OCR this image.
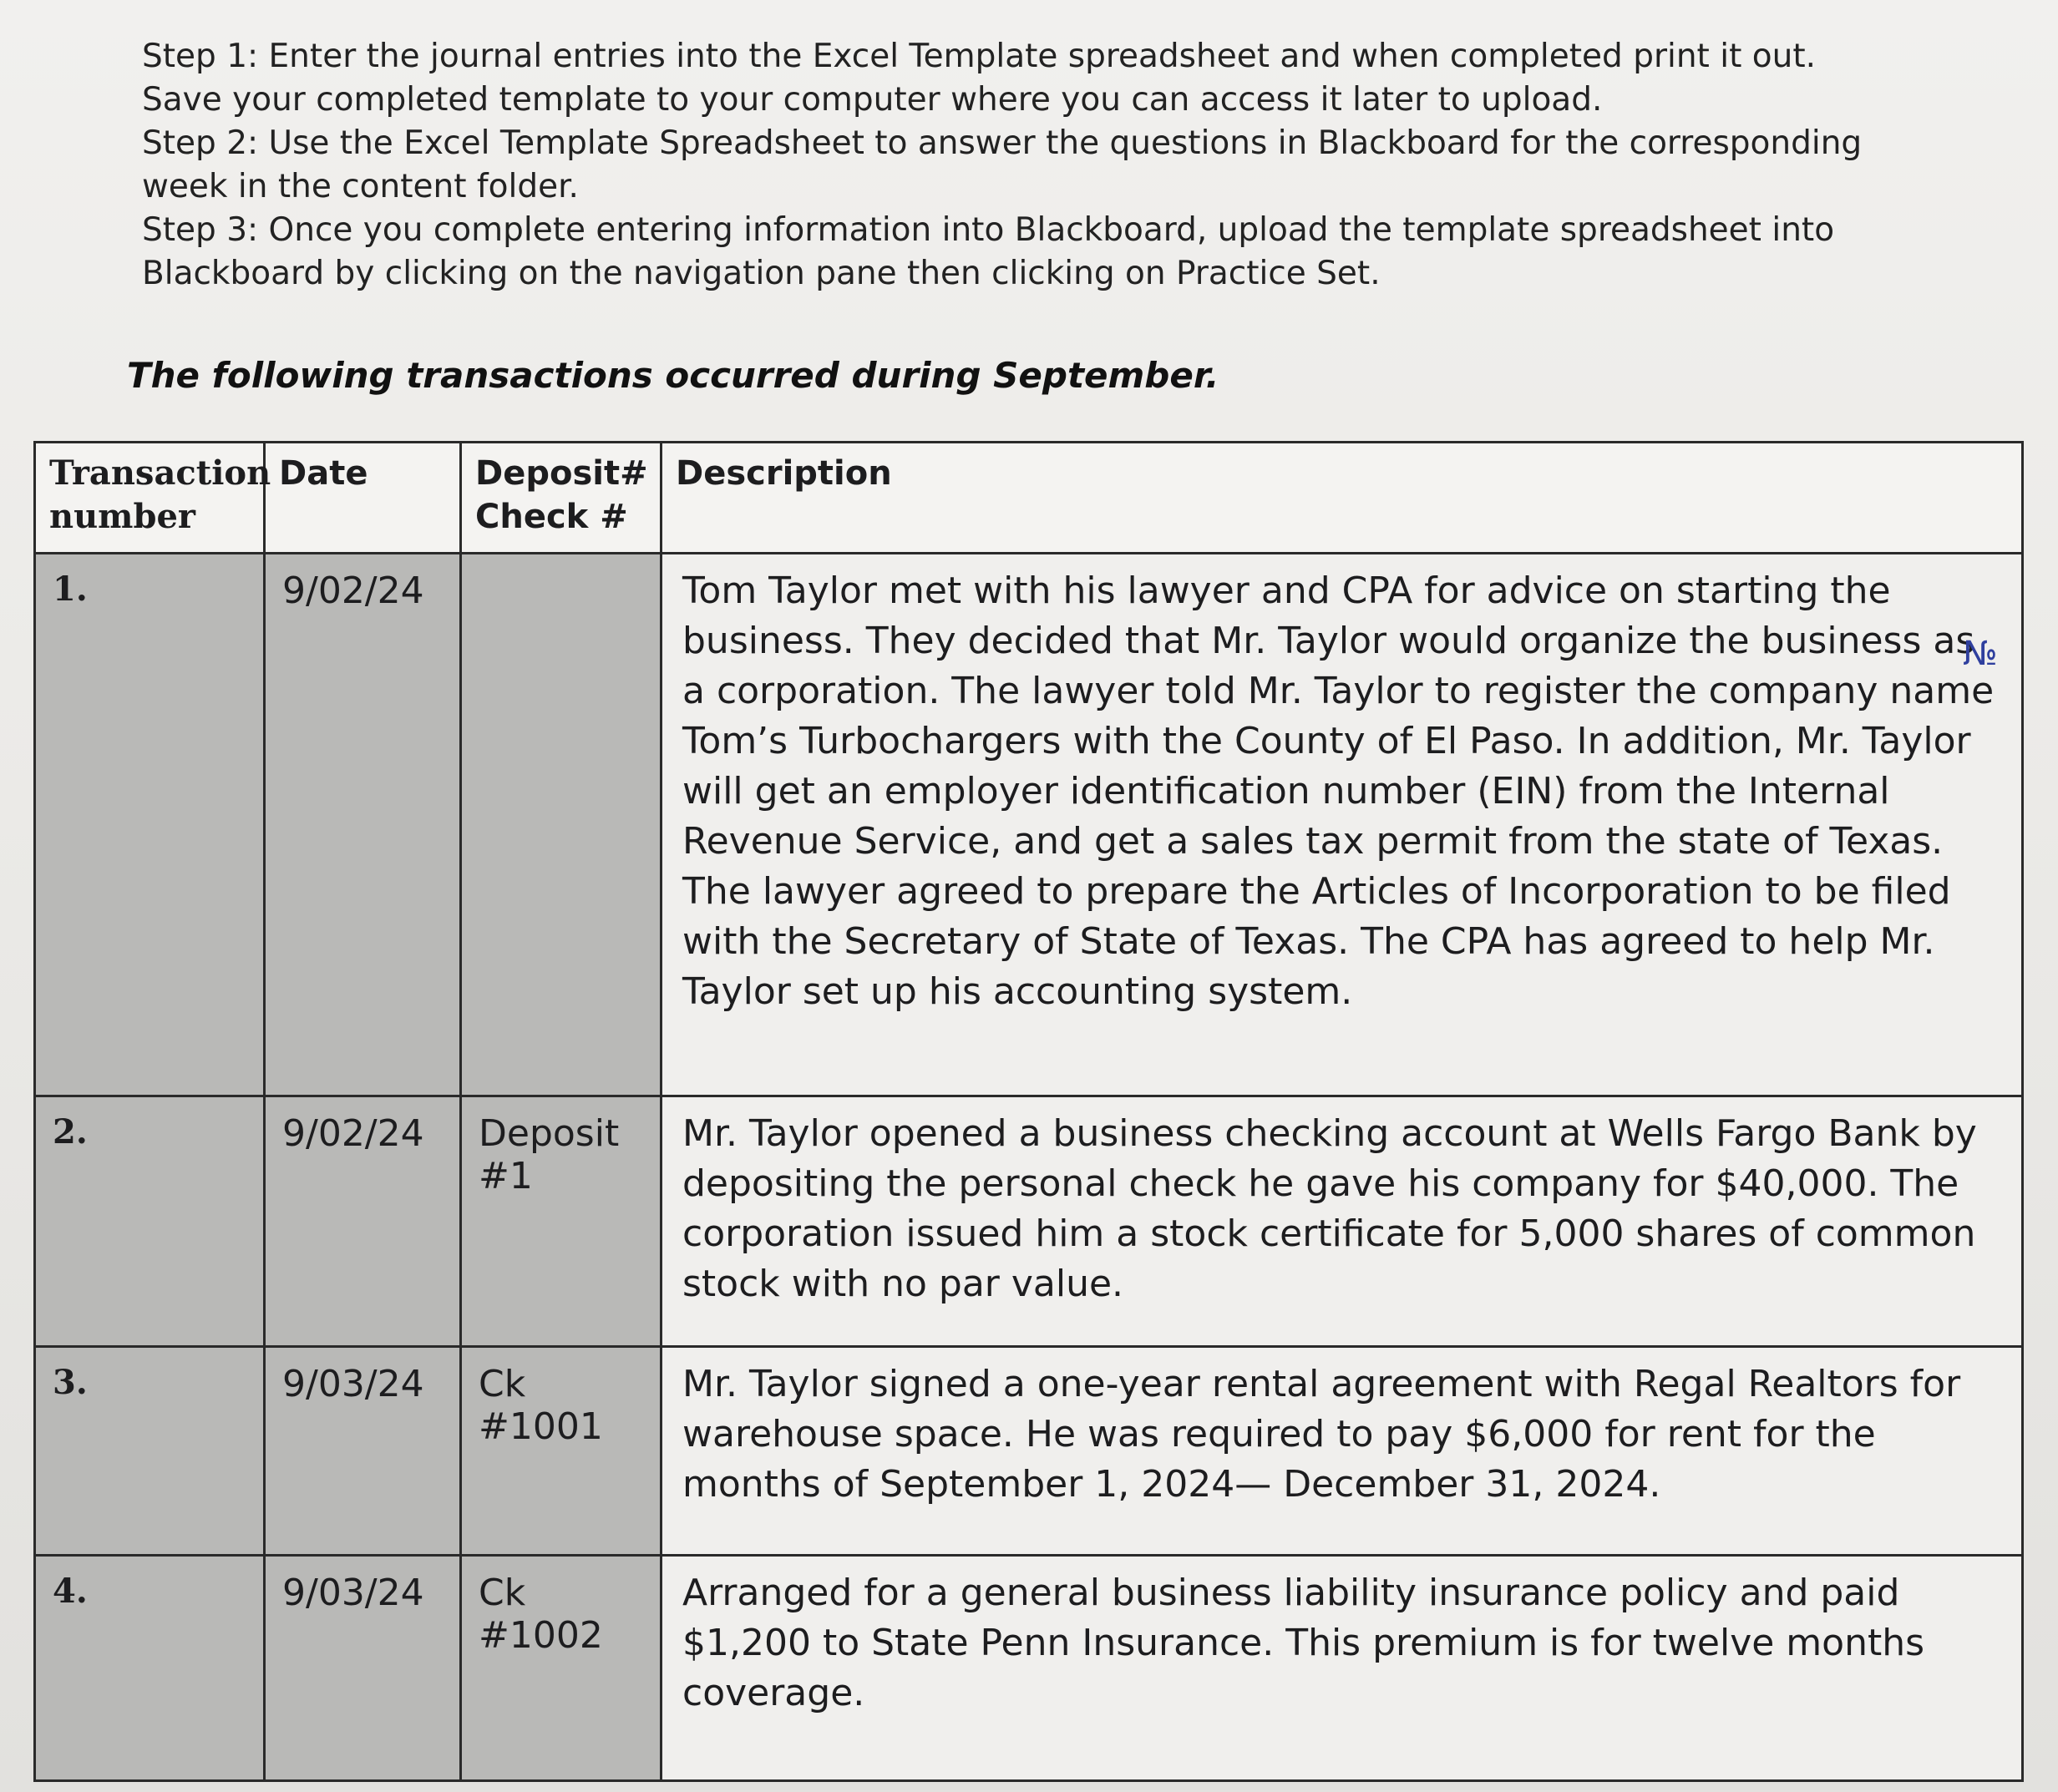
Step 1: Enter the journal entries into the Excel Template spreadsheet and when completed print it out. Save your completed template to your computer where you can access it later to upload.

Step 2: Use the Excel Template Spreadsheet to answer the questions in Blackboard for the corresponding week in the content folder.

Step 3: Once you complete entering information into Blackboard, upload the template spreadsheet into Blackboard by clicking on the navigation pane then clicking on Practice Set.

The following transactions occurred during September.
Transaction number	Date	Deposit# Check #	Description
1.	9/02/24		Tom Taylor met with his lawyer and CPA for advice on starting the business. They decided that Mr. Taylor would organize the business as a corporation. The lawyer told Mr. Taylor to register the company name Tom’s Turbochargers with the County of El Paso. In addition, Mr. Taylor will get an employer identification number (EIN) from the Internal Revenue Service, and get a sales tax permit from the state of Texas. The lawyer agreed to prepare the Articles of Incorporation to be filed with the Secretary of State of Texas. The CPA has agreed to help Mr. Taylor set up his accounting system.
2.	9/02/24	Deposit #1	Mr. Taylor opened a business checking account at Wells Fargo Bank by depositing the personal check he gave his company for $40,000. The corporation issued him a stock certificate for 5,000 shares of common stock with no par value.
3.	9/03/24	Ck #1001	Mr. Taylor signed a one-year rental agreement with Regal Realtors for warehouse space. He was required to pay $6,000 for rent for the months of September 1, 2024— December 31, 2024.
4.	9/03/24	Ck #1002	Arranged for a general business liability insurance policy and paid $1,200 to State Penn Insurance. This premium is for twelve months coverage.
№
